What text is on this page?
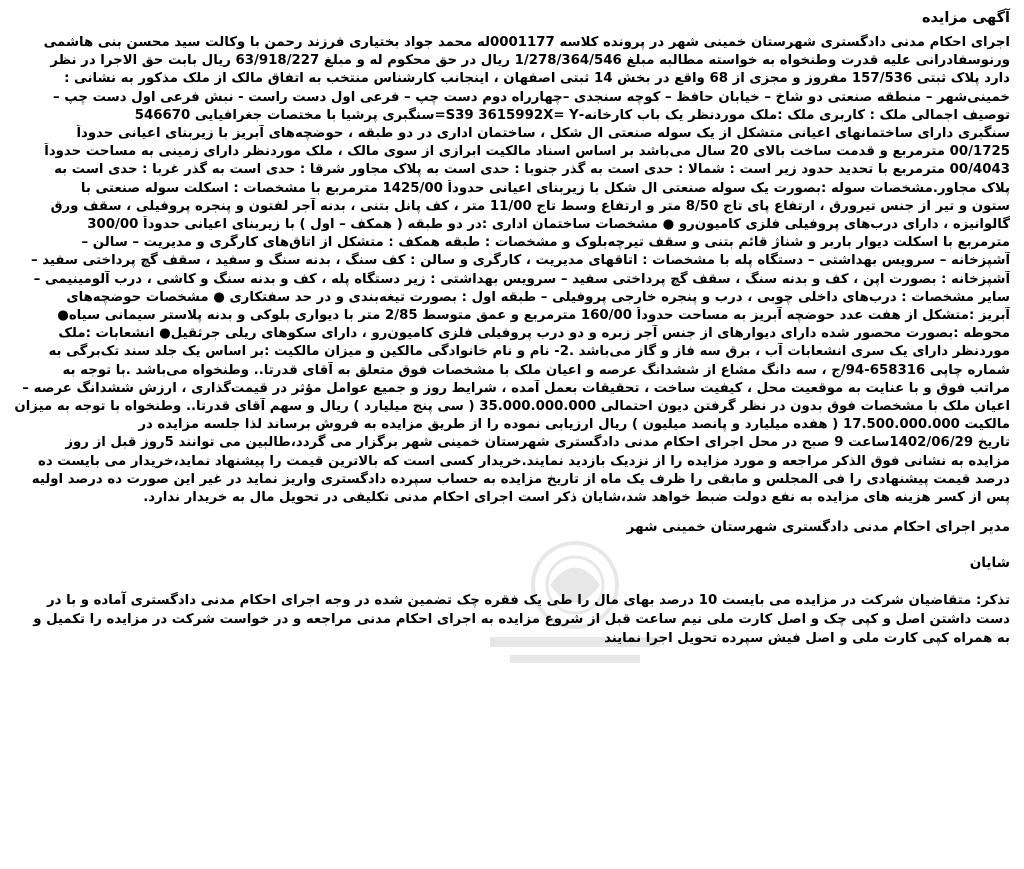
آگهی مزایده
اجرای احکام مدنی دادگستری شهرستان خمینی شهر در پرونده کلاسه 0001177له محمد جواد بختیاری فرزند رحمن با وکالت سید محسن بنی هاشمی
ورنوسفادرانی علیه قدرت وطنخواه به خواسته مطالبه مبلغ 1/278/364/546 ریال در حق محکوم له و مبلغ 63/918/227 ریال بابت حق الاجرا در نظر
دارد پلاک ثبتی 157/536 مفروز و مجزی از 68 واقع در بخش 14 ثبتی اصفهان ، اینجانب کارشناس منتخب به اتفاق مالک از ملک مذکور به نشانی :
خمینی‌شهر – منطقه صنعتی دو شاخ – خیابان حافظ – کوچه سنجدی –چهارراه دوم دست چپ – فرعی اول دست راست - نبش فرعی اول دست چپ –
توصیف اجمالی ملک : کاربری ملک :ملک موردنظر یک باب کارخانه-S39 3615992X= Y=سنگبری پرشیا با مختصات جغرافیایی 546670
سنگبری دارای ساختمانهای اعیانی متشکل از یک سوله صنعتی ال شکل ، ساختمان اداری در دو طبقه ، حوضچه‌های آبریز با زیربنای اعیانی حدوداً
00/1725 مترمربع و قدمت ساخت بالای 20 سال می‌باشد بر اساس اسناد مالکیت ابرازی از سوی مالک ، ملک موردنظر دارای زمینی به مساحت حدوداً
00/4043 مترمربع با تحدید حدود زیر است : شمالا : حدی است به گذر جنوبا : حدی است به پلاک مجاور شرقا : حدی است به گذر غربا : حدی است به
پلاک مجاور.مشخصات سوله :بصورت یک سوله صنعتی ال شکل با زیربنای اعیانی حدوداً 1425/00 مترمربع با مشخصات : اسکلت سوله صنعتی با
ستون و تیر از جنس تیرورق ، ارتفاع پای تاج 8/50 متر و ارتفاع وسط تاج 11/00 متر ، کف پانل بتنی ، بدنه آجر لفتون و پنجره پروفیلی ، سقف ورق
گالوانیزه ، دارای درب‌های پروفیلی فلزی کامیون‌رو ● مشخصات ساختمان اداری :در دو طبقه ( همکف – اول ) با زیربنای اعیانی حدوداً 300/00
مترمربع با اسکلت دیوار باربر و شناژ قائم بتنی و سقف تیرچه‌بلوک و مشخصات : طبقه همکف : متشکل از اتاق‌های کارگری و مدیریت – سالن –
آشپزخانه – سرویس بهداشتی – دستگاه پله با مشخصات : اتاقهای مدیریت ، کارگری و سالن : کف سنگ ، بدنه سنگ و سفید ، سقف گچ پرداختی سفید –
آشپزخانه : بصورت اپن ، کف و بدنه سنگ ، سقف گچ پرداختی سفید – سرویس بهداشتی : زیر دستگاه پله ، کف و بدنه سنگ و کاشی ، درب آلومینیمی –
سایر مشخصات : درب‌های داخلی چوبی ، درب و پنجره خارجی پروفیلی – طبقه اول : بصورت تیغه‌بندی و در حد سفتکاری ● مشخصات حوضچه‌های
آبریز :متشکل از هفت عدد حوضچه آبریز به مساحت حدوداً 160/00 مترمربع و عمق متوسط 2/85 متر با دیواری بلوکی و بدنه پلاستر سیمانی سیاه●
محوطه :بصورت محصور شده دارای دیوارهای از جنس آجر زبره و دو درب پروفیلی فلزی کامیون‌رو ، دارای سکوهای ریلی جرثقیل● انشعابات :ملک
موردنظر دارای یک سری انشعابات آب ، برق سه فاز و گاز می‌باشد .2- نام و نام خانوادگی مالکین و میزان مالکیت :بر اساس یک جلد سند تک‌برگی به
شماره چاپی 658316-94/ج ، سه دانگ مشاع از ششدانگ عرصه و اعیان ملک با مشخصات فوق متعلق به آقای قدرتا.. وطنخواه می‌باشد .با توجه به
مراتب فوق و با عنایت به موقعیت محل ، کیفیت ساخت ، تحقیقات بعمل آمده ، شرایط روز و جمیع عوامل مؤثر در قیمت‌گذاری ، ارزش ششدانگ عرصه –
اعیان ملک با مشخصات فوق بدون در نظر گرفتن دیون احتمالی 35.000.000.000 ( سی پنج میلیارد ) ریال و سهم آقای قدرتا.. وطنخواه با توجه به میزان
مالکیت 17.500.000.000 ( هفده میلیارد و پانصد میلیون ) ریال ارزیابی نموده را از طریق مزایده به فروش برساند لذا جلسه مزایده در
تاریخ 1402/06/29ساعت 9 صبح در محل اجرای احکام مدنی دادگستری شهرستان خمینی شهر برگزار می گردد،طالبین می توانند 5روز قبل از روز
مزایده به نشانی فوق الذکر مراجعه و مورد مزایده را از نزدیک بازدید نمایند.خریدار کسی است که بالاترین قیمت را پیشنهاد نماید،خریدار می بایست ده
درصد قیمت پیشنهادی را فی المجلس و مابقی را ظرف یک ماه از تاریخ مزایده به حساب سپرده دادگستری واریز نماید در غیر این صورت ده درصد اولیه
پس از کسر هزینه های مزایده به نفع دولت ضبط خواهد شد،شایان ذکر است اجرای احکام مدنی تکلیفی در تحویل مال به خریدار ندارد.
مدیر اجرای احکام مدنی دادگستری شهرستان خمینی شهر
شایان
تذکر: متقاضیان شرکت در مزایده می بایست 10 درصد بهای مال را طی یک فقره چک تضمین شده در وجه اجرای احکام مدنی دادگستری آماده و با در
دست داشتن اصل و کپی چک و اصل کارت ملی نیم ساعت قبل از شروع مزایده به اجرای احکام مدنی مراجعه و در خواست شرکت در مزایده را تکمیل و
به همراه کپی کارت ملی و اصل فیش سپرده تحویل اجرا نمایند
